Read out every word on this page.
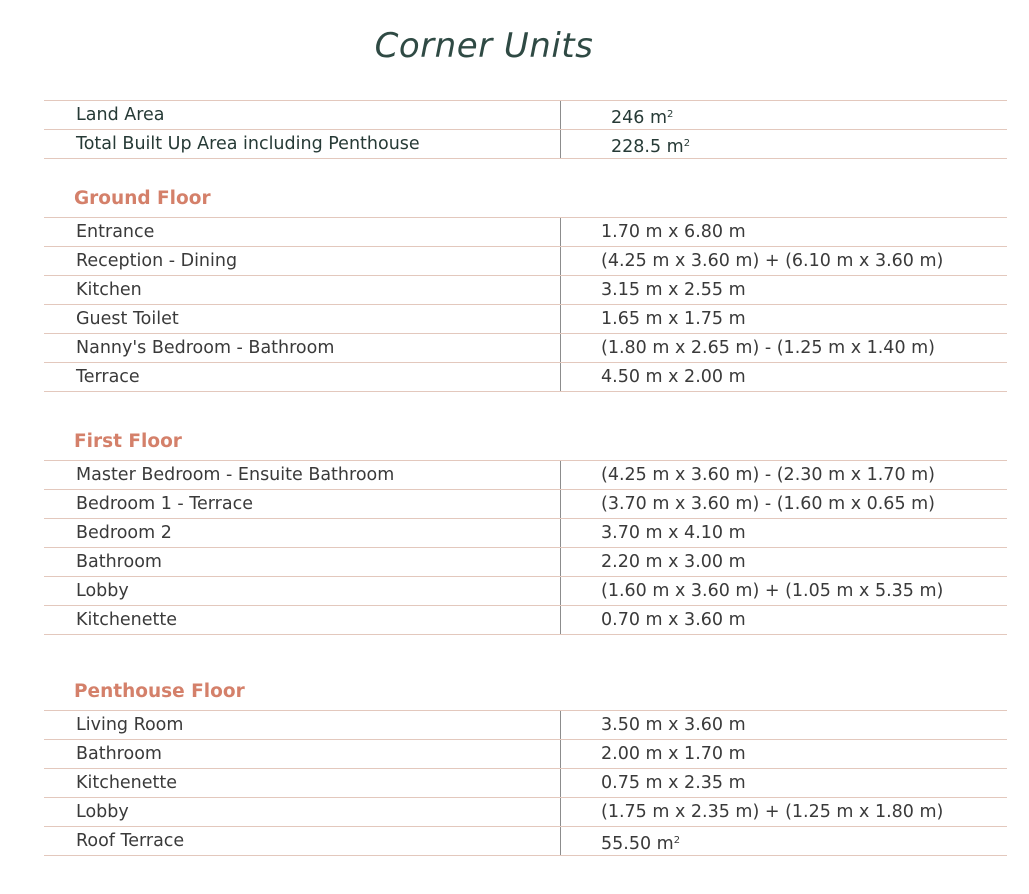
Corner Units
Land Area	246 $m^2$
Total Built Up Area including Penthouse	228.5 $m^2$
Ground Floor
Entrance	1.70 m x 6.80 m
Reception - Dining	(4.25 m x 3.60 m) + (6.10 m x 3.60 m)
Kitchen	3.15 m x 2.55 m
Guest Toilet	1.65 m x 1.75 m
Nanny's Bedroom - Bathroom	(1.80 m x 2.65 m) - (1.25 m x 1.40 m)
Terrace	4.50 m x 2.00 m
First Floor
Master Bedroom - Ensuite Bathroom	(4.25 m x 3.60 m) - (2.30 m x 1.70 m)
Bedroom 1 - Terrace	(3.70 m x 3.60 m) - (1.60 m x 0.65 m)
Bedroom 2	3.70 m x 4.10 m
Bathroom	2.20 m x 3.00 m
Lobby	(1.60 m x 3.60 m) + (1.05 m x 5.35 m)
Kitchenette	0.70 m x 3.60 m
Penthouse Floor
Living Room	3.50 m x 3.60 m
Bathroom	2.00 m x 1.70 m
Kitchenette	0.75 m x 2.35 m
Lobby	(1.75 m x 2.35 m) + (1.25 m x 1.80 m)
Roof Terrace	55.50 $m^2$
